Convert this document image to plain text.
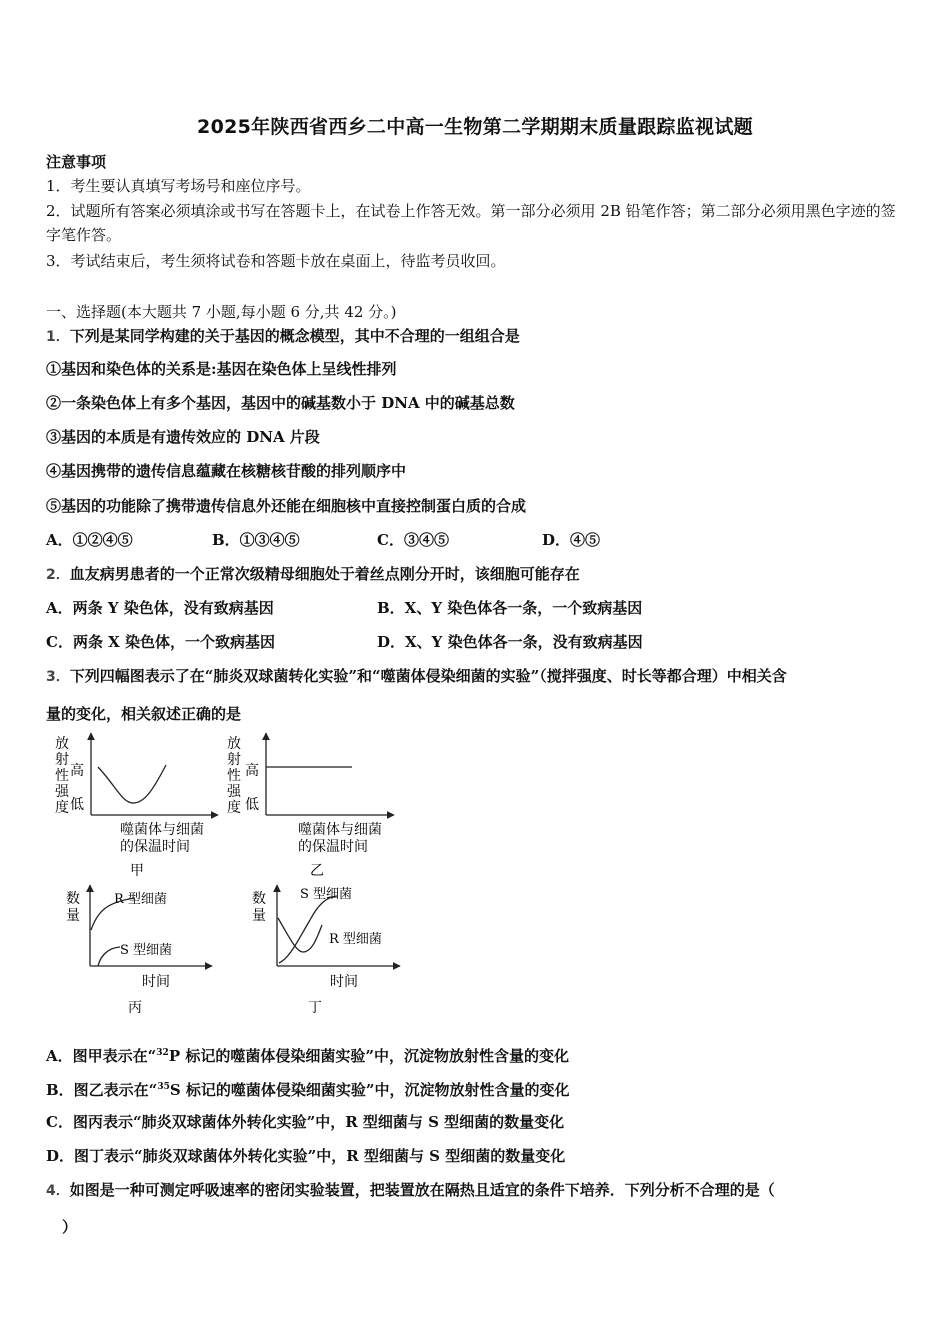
2025年陕西省西乡二中高一生物第二学期期末质量跟踪监视试题
注意事项
1．考生要认真填写考场号和座位序号。
2．试题所有答案必须填涂或书写在答题卡上，在试卷上作答无效。第一部分必须用 2B 铅笔作答；第二部分必须用黑色字迹的签字笔作答。
3．考试结束后，考生须将试卷和答题卡放在桌面上，待监考员收回。
一、选择题(本大题共 7 小题,每小题 6 分,共 42 分。)
1．下列是某同学构建的关于基因的概念模型，其中不合理的一组组合是
①基因和染色体的关系是:基因在染色体上呈线性排列
②一条染色体上有多个基因，基因中的碱基数小于 DNA 中的碱基总数
③基因的本质是有遗传效应的 DNA 片段
④基因携带的遗传信息蕴藏在核糖核苷酸的排列顺序中
⑤基因的功能除了携带遗传信息外还能在细胞核中直接控制蛋白质的合成
A．①②④⑤	B．①③④⑤	C．③④⑤	D．④⑤
2．血友病男患者的一个正常次级精母细胞处于着丝点刚分开时，该细胞可能存在
A．两条 Y 染色体，没有致病基因	B．X、Y 染色体各一条，一个致病基因
C．两条 X 染色体，一个致病基因	D．X、Y 染色体各一条，没有致病基因
3．下列四幅图表示了在“肺炎双球菌转化实验”和“噬菌体侵染细菌的实验”（搅拌强度、时长等都合理）中相关含
量的变化，相关叙述正确的是
放
射
性
强
度
高
低
噬菌体与细菌
的保温时间
甲
放
射
性
强
度
高
低
噬菌体与细菌
的保温时间
乙
数
量
R 型细菌
S 型细菌
时间
丙
数
量
S 型细菌
R 型细菌
时间
丁
A．图甲表示在“$^{32}$P 标记的噬菌体侵染细菌实验”中，沉淀物放射性含量的变化
B．图乙表示在“$^{35}$S 标记的噬菌体侵染细菌实验”中，沉淀物放射性含量的变化
C．图丙表示“肺炎双球菌体外转化实验”中，R 型细菌与 S 型细菌的数量变化
D．图丁表示“肺炎双球菌体外转化实验”中，R 型细菌与 S 型细菌的数量变化
4．如图是一种可测定呼吸速率的密闭实验装置，把装置放在隔热且适宜的条件下培养．下列分析不合理的是（
）
